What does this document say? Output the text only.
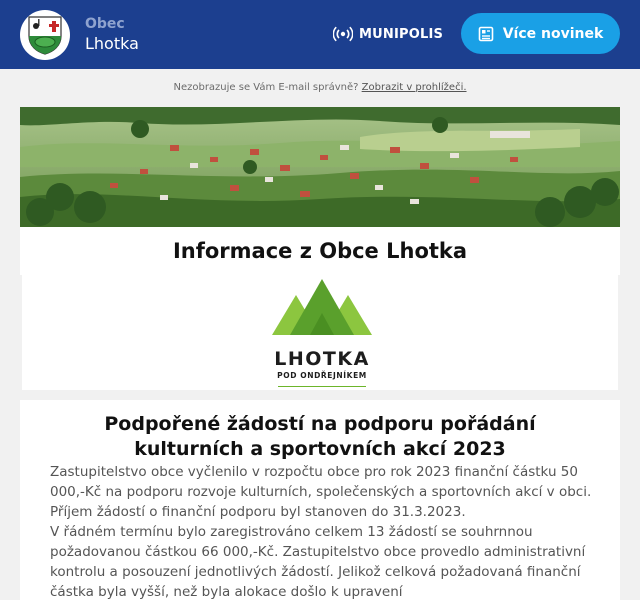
Obec
Lhotka	MUNIPOLIS	Více novinek
Nezobrazuje se Vám E-mail správně? Zobrazit v prohlížeči.
Informace z Obce Lhotka
LHOTKA
POD ONDŘEJNÍKEM
Podpořené žádostí na podporu pořádání kulturních a sportovních akcí 2023

Zastupitelstvo obce vyčlenilo v rozpočtu obce pro rok 2023 finanční částku 50 000,-Kč na podporu rozvoje kulturních, společenských a sportovních akcí v obci. Příjem žádostí o finanční podporu byl stanoven do 31.3.2023.

V řádném termínu bylo zaregistrováno celkem 13 žádostí se souhrnnou požadovanou částkou 66 000,-Kč. Zastupitelstvo obce provedlo administrativní kontrolu a posouzení jednotlivých žádostí. Jelikož celková požadovaná finanční částka byla vyšší, než byla alokace došlo k upravení
